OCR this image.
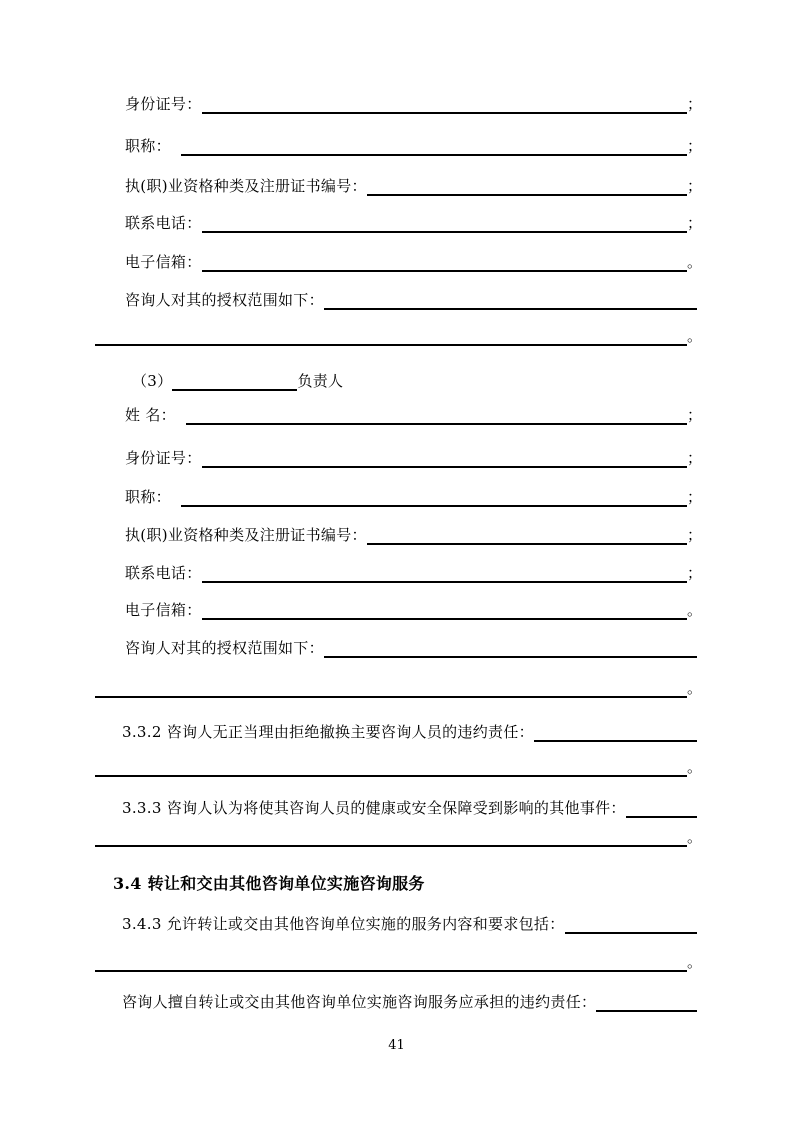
身份证号：	；
职称：	；
执(职)业资格种类及注册证书编号：	；
联系电话：	；
电子信箱：	。
咨询人对其的授权范围如下：
。
（3）	负责人
姓 名：	；
身份证号：	；
职称：	；
执(职)业资格种类及注册证书编号：	；
联系电话：	；
电子信箱：	。
咨询人对其的授权范围如下：
。
3.3.2 咨询人无正当理由拒绝撤换主要咨询人员的违约责任：
。
3.3.3 咨询人认为将使其咨询人员的健康或安全保障受到影响的其他事件：
。
3.4 转让和交由其他咨询单位实施咨询服务
3.4.3 允许转让或交由其他咨询单位实施的服务内容和要求包括：
。
咨询人擅自转让或交由其他咨询单位实施咨询服务应承担的违约责任：
41
